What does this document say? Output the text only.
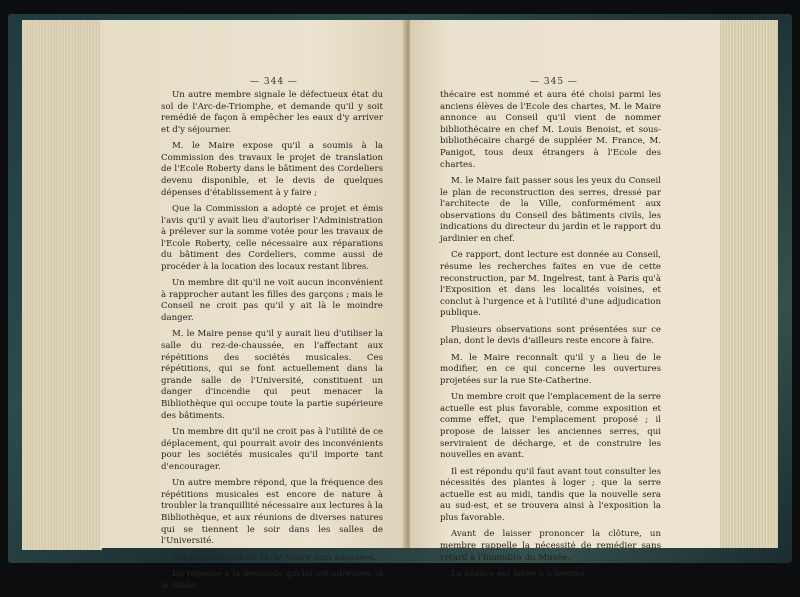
— 344 —

Un autre membre signale le défectueux état du sol de l'Arc-de-Triomphe, et demande qu'il y soit remédié de façon à empêcher les eaux d'y arriver et d'y séjourner.

M. le Maire expose qu'il a soumis à la Commission des travaux le projet de translation de l'Ecole Roberty dans le bâtiment des Cordeliers devenu disponible, et le devis de quelques dépenses d'établissement à y faire ;

Que la Commission a adopté ce projet et émis l'avis qu'il y avait lieu d'autoriser l'Administration à prélever sur la somme votée pour les travaux de l'Ecole Roberty, celle nécessaire aux réparations du bâtiment des Cordeliers, comme aussi de procéder à la location des locaux restant libres.

Un membre dit qu'il ne voit aucun inconvénient à rapprocher autant les filles des garçons ; mais le Conseil ne croit pas qu'il y ait là le moindre danger.

M. le Maire pense qu'il y aurait lieu d'utiliser la salle du rez-de-chaussée, en l'affectant aux répétitions des sociétés musicales. Ces répétitions, qui se font actuellement dans la grande salle de l'Université, constituent un danger d'incendie qui peut menacer la Bibliothèque qui occupe toute la partie supérieure des bâtiments.

Un membre dit qu'il ne croit pas à l'utilité de ce déplacement, qui pourrait avoir des inconvénients pour les sociétés musicales qu'il importe tant d'encourager.

Un autre membre répond, que la fréquence des répétitions musicales est encore de nature à troubler la tranquillité nécessaire aux lectures à la Bibliothèque, et aux réunions de diverses natures qui se tiennent le soir dans les salles de l'Université.

Les propositions de M. le Maire sont adoptées.

En réponse à la demande qui lui est adressée, si le biblio-

— 345 —

thécaire est nommé et aura été choisi parmi les anciens élèves de l'Ecole des chartes, M. le Maire annonce au Conseil qu'il vient de nommer bibliothécaire en chef M. Louis Benoist, et sous-bibliothécaire chargé de suppléer M. France, M. Panigot, tous deux étrangers à l'Ecole des chartes.

M. le Maire fait passer sous les yeux du Conseil le plan de reconstruction des serres, dressé par l'architecte de la Ville, conformément aux observations du Conseil des bâtiments civils, les indications du directeur du jardin et le rapport du jardinier en chef.

Ce rapport, dont lecture est donnée au Conseil, résume les recherches faites en vue de cette reconstruction, par M. Ingelrest, tant à Paris qu'à l'Exposition et dans les localités voisines, et conclut à l'urgence et à l'utilité d'une adjudication publique.

Plusieurs observations sont présentées sur ce plan, dont le devis d'ailleurs reste encore à faire.

M. le Maire reconnaît qu'il y a lieu de le modifier, en ce qui concerne les ouvertures projetées sur la rue Ste-Catherine.

Un membre croit que l'emplacement de la serre actuelle est plus favorable, comme exposition et comme effet, que l'emplacement proposé ; il propose de laisser les anciennes serres, qui serviraient de décharge, et de construire les nouvelles en avant.

Il est répondu qu'il faut avant tout consulter les nécessités des plantes à loger ; que la serre actuelle est au midi, tandis que la nouvelle sera au sud-est, et se trouvera ainsi à l'exposition la plus favorable.

Avant de laisser prononcer la clôture, un membre rappelle la nécessité de remédier sans retard à l'humidité du Musée.

La séance est levée à 5 heures.
